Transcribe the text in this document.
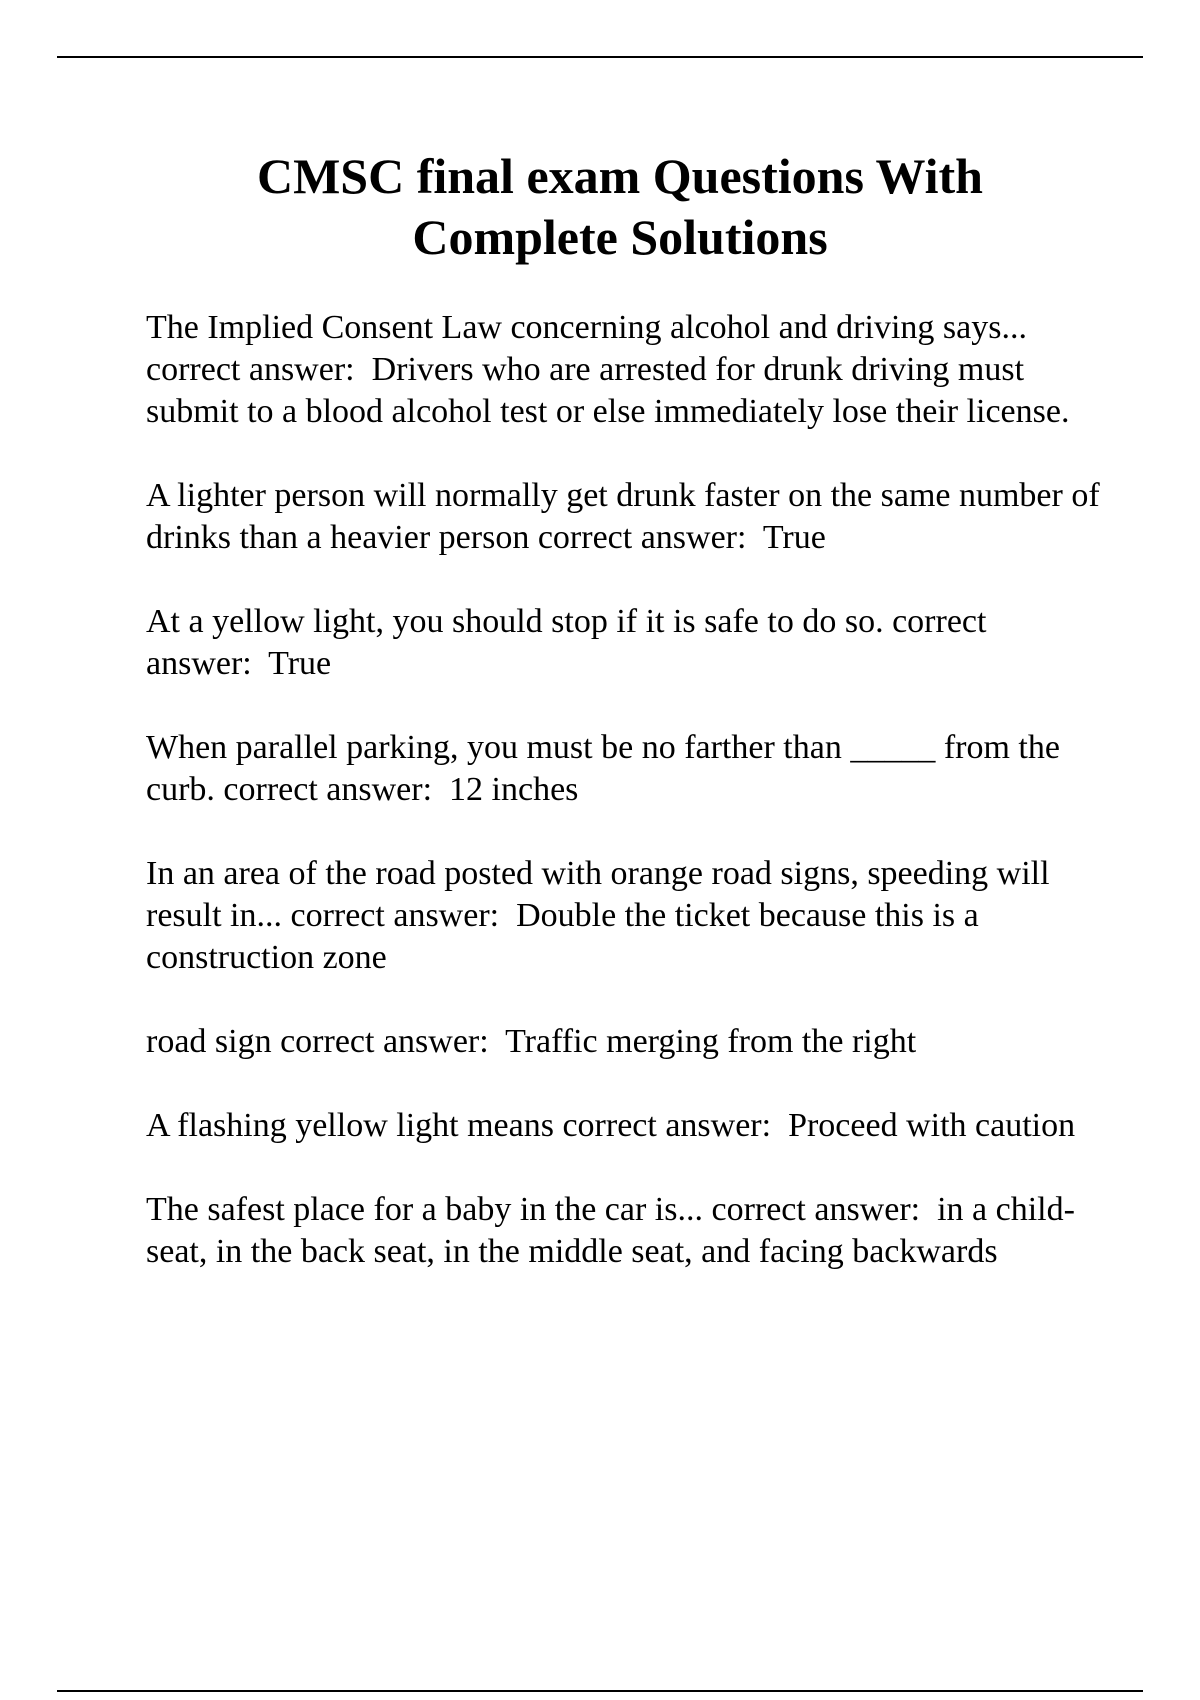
CMSC final exam Questions With
Complete Solutions

The Implied Consent Law concerning alcohol and driving says... correct answer: Drivers who are arrested for drunk driving must submit to a blood alcohol test or else immediately lose their license.

A lighter person will normally get drunk faster on the same number of drinks than a heavier person correct answer: True

At a yellow light, you should stop if it is safe to do so. correct answer: True

When parallel parking, you must be no farther than _____ from the curb. correct answer: 12 inches

In an area of the road posted with orange road signs, speeding will result in... correct answer: Double the ticket because this is a construction zone

road sign correct answer: Traffic merging from the right

A flashing yellow light means correct answer: Proceed with caution

The safest place for a baby in the car is... correct answer: in a child-seat, in the back seat, in the middle seat, and facing backwards
